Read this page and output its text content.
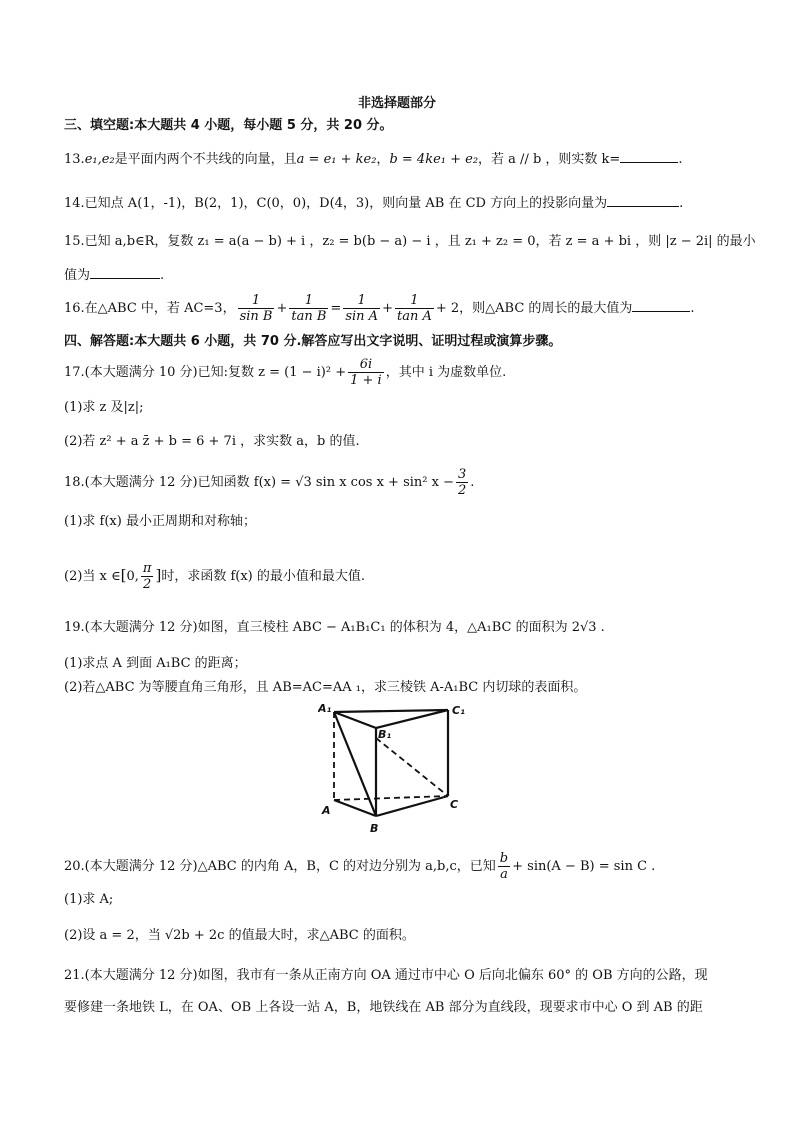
非选择题部分
三、填空题:本大题共 4 小题，每小题 5 分，共 20 分。
13.e₁,e₂是平面内两个不共线的向量，且a = e₁ + ke₂，b = 4ke₁ + e₂，若 a // b ，则实数 k=	.
14.已知点 A(1，-1)，B(2，1)，C(0，0)，D(4，3)，则向量 AB 在 CD 方向上的投影向量为	.
15.已知 a,b∈R，复数 z₁ = a(a − b) + i ，z₂ = b(b − a) − i ，且 z₁ + z₂ = 0，若 z = a + bi ，则 |z − 2i| 的最小
值为	.
16.在△ABC 中，若 AC=3， $\frac{1}{\text{sin B}} + \frac{1}{\text{tan B}} = \frac{1}{\text{sin A}} + \frac{1}{\text{tan A}} + 2$，则△ABC 的周长的最大值为	.
四、解答题:本大题共 6 小题，共 70 分.解答应写出文字说明、证明过程或演算步骤。
17.(本大题满分 10 分)已知:复数 $z = (1 - i)^2 + \frac{6i}{1 + i}$ ，其中 i 为虚数单位.
(1)求 z 及|z|;
(2)若 z² + a z̄ + b = 6 + 7i ，求实数 a，b 的值.
18.(本大题满分 12 分)已知函数 f(x) = √3 sin x cos x + sin² $x - \frac{3}{2}$ .
(1)求 f(x) 最小正周期和对称轴；
(2)当 x ∈[0, $\frac{\pi}{2}$ ]时，求函数 f(x) 的最小值和最大值.
19.(本大题满分 12 分)如图，直三棱柱 ABC − A₁B₁C₁ 的体积为 4，△A₁BC 的面积为 2√3 .
(1)求点 A 到面 A₁BC 的距离；
(2)若△ABC 为等腰直角三角形，且 AB=AC=AA ₁，求三棱铁 A-A₁BC 内切球的表面积。
A₁	C₁
B₁
A
B
C
20.(本大题满分 12 分)△ABC 的内角 A，B，C 的对边分别为 a,b,c，已知 $\frac{b}{a} + \sin(A - B) = \sin C$ .
(1)求 A;
(2)设 a = 2，当 √2b + 2c 的值最大时，求△ABC 的面积。
21.(本大题满分 12 分)如图，我市有一条从正南方向 OA 通过市中心 O 后向北偏东 60° 的 OB 方向的公路，现
要修建一条地铁 L，在 OA、OB 上各设一站 A，B，地铁线在 AB 部分为直线段，现要求市中心 O 到 AB 的距
